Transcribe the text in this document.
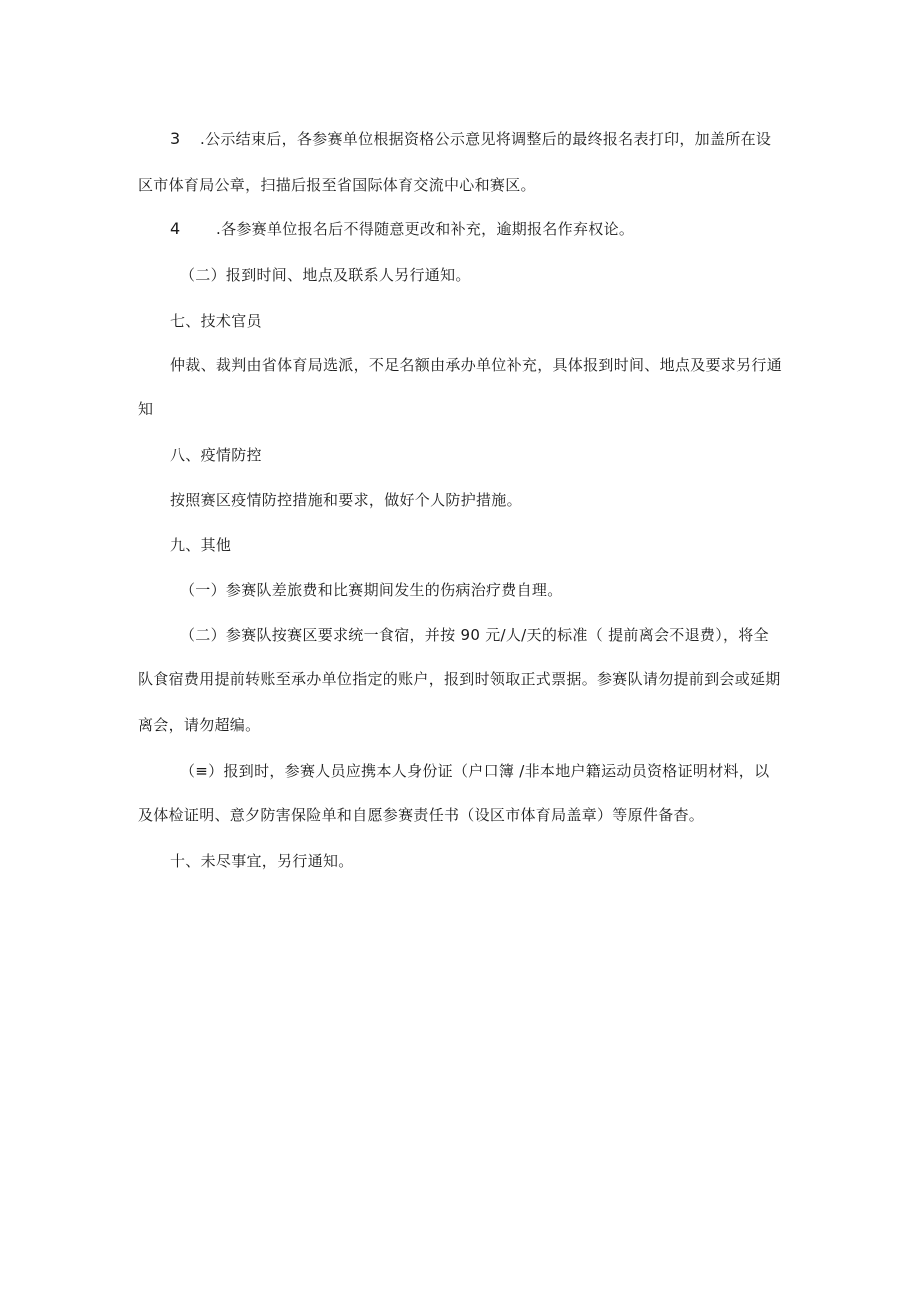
3 .公示结束后，各参赛单位根据资格公示意见将调整后的最终报名表打印，加盖所在设
区市体育局公章，扫描后报至省国际体育交流中心和赛区。
4 .各参赛单位报名后不得随意更改和补充，逾期报名作弃权论。
（二）报到时间、地点及联系人另行通知。
七、技术官员
仲裁、裁判由省体育局选派，不足名额由承办单位补充，具体报到时间、地点及要求另行通
知
八、疫情防控
按照赛区疫情防控措施和要求，做好个人防护措施。
九、其他
（一）参赛队差旅费和比赛期间发生的伤病治疗费自理。
（二）参赛队按赛区要求统一食宿，并按 90 元/人/天的标准（ 提前离会不退费），将全
队食宿费用提前转账至承办单位指定的账户，报到时领取正式票据。参赛队请勿提前到会或延期
离会，请勿超编。
（≡）报到时，参赛人员应携本人身份证（户口簿 /非本地户籍运动员资格证明材料，以
及体检证明、意夕防害保险单和自愿参赛责任书（设区市体育局盖章）等原件备杳。
十、未尽事宜，另行通知。
